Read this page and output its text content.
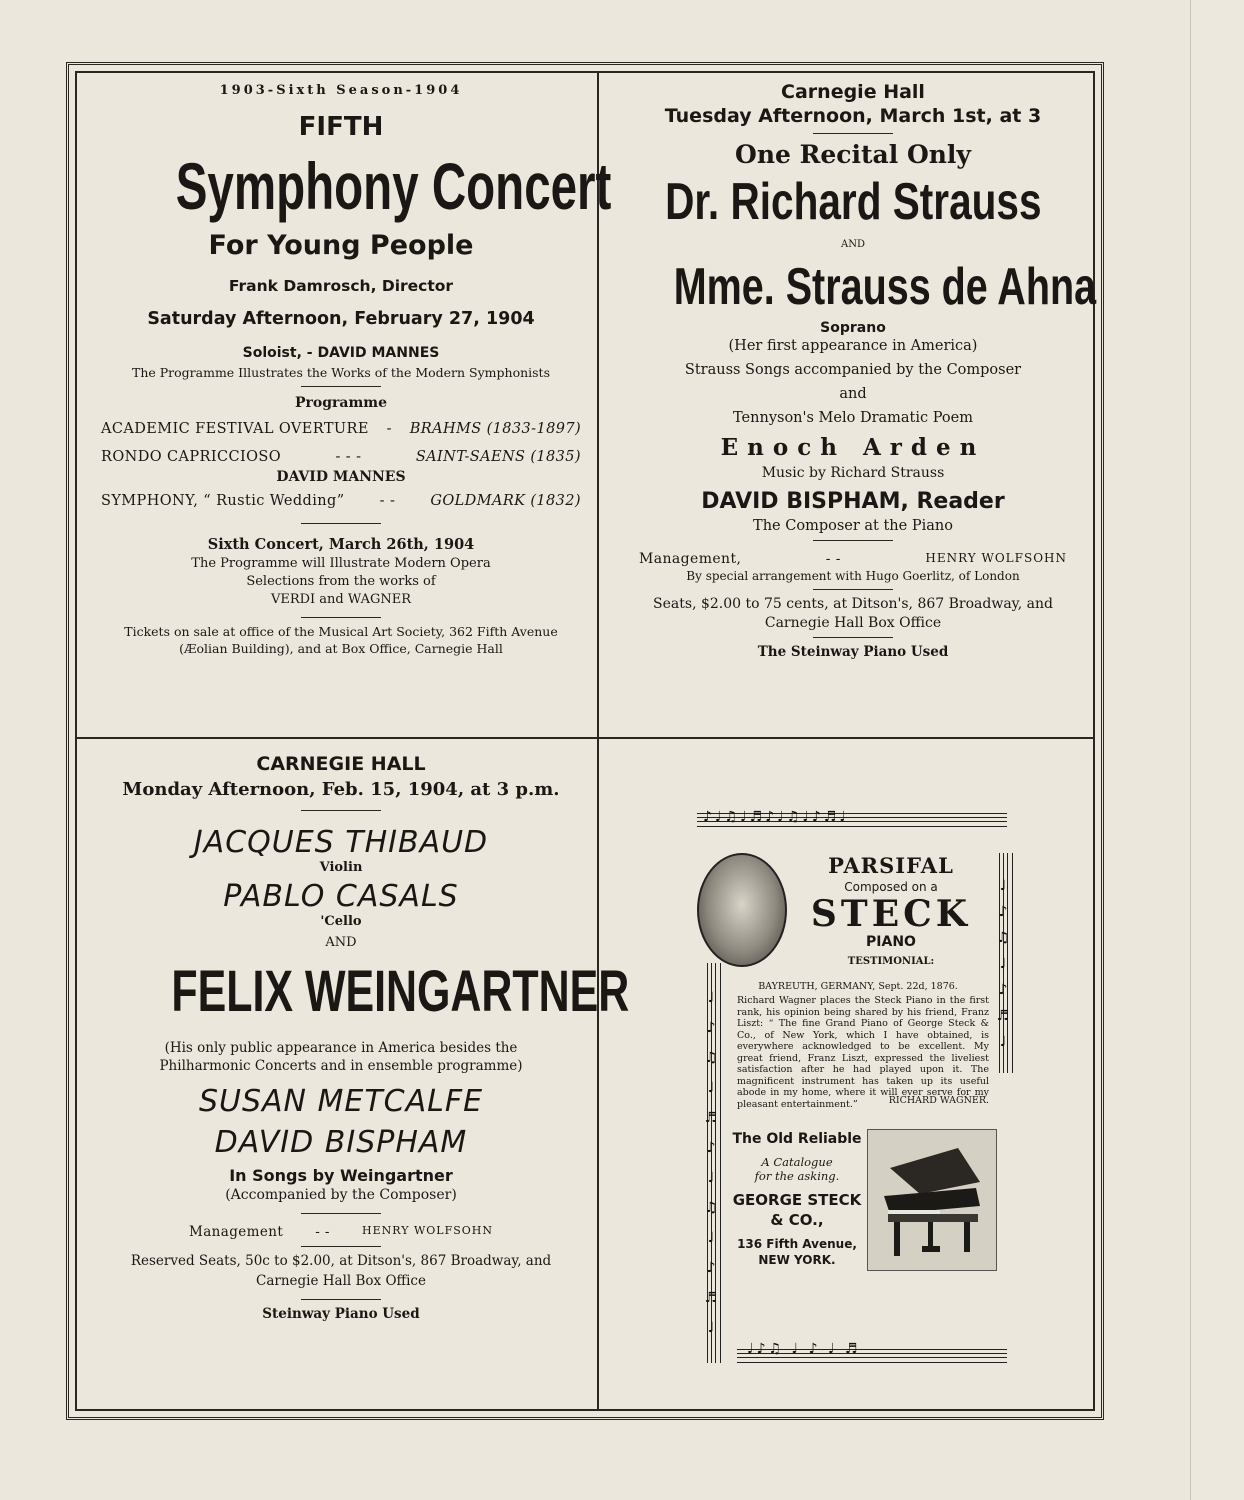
1903-Sixth Season-1904
FIFTH
Symphony Concert
For Young People
Frank Damrosch, Director
Saturday Afternoon, February 27, 1904
Soloist, - DAVID MANNES
The Programme Illustrates the Works of the Modern Symphonists
Programme
ACADEMIC FESTIVAL OVERTURE	-	BRAHMS (1833-1897)
RONDO CAPRICCIOSO	- - -	SAINT-SAENS (1835)
DAVID MANNES
SYMPHONY, “ Rustic Wedding”	- -	GOLDMARK (1832)
Sixth Concert, March 26th, 1904
The Programme will Illustrate Modern Opera
Selections from the works of
VERDI and WAGNER
Tickets on sale at office of the Musical Art Society, 362 Fifth Avenue
(Æolian Building), and at Box Office, Carnegie Hall
Carnegie Hall
Tuesday Afternoon, March 1st, at 3
One Recital Only
Dr. Richard Strauss
AND
Mme. Strauss de Ahna
Soprano
(Her first appearance in America)
Strauss Songs accompanied by the Composer
and
Tennyson's Melo Dramatic Poem
Enoch Arden
Music by Richard Strauss
DAVID BISPHAM, Reader
The Composer at the Piano
Management,	- -	HENRY WOLFSOHN
By special arrangement with Hugo Goerlitz, of London
Seats, $2.00 to 75 cents, at Ditson's, 867 Broadway, and
Carnegie Hall Box Office
The Steinway Piano Used
CARNEGIE HALL
Monday Afternoon, Feb. 15, 1904, at 3 p.m.
JACQUES THIBAUD
Violin
PABLO CASALS
'Cello
AND
FELIX WEINGARTNER
(His only public appearance in America besides the
Philharmonic Concerts and in ensemble programme)
SUSAN METCALFE
DAVID BISPHAM
In Songs by Weingartner
(Accompanied by the Composer)
Management	- -	HENRY WOLFSOHN
Reserved Seats, 50c to $2.00, at Ditson's, 867 Broadway, and
Carnegie Hall Box Office
Steinway Piano Used
♪♩♫♩♬♪♩♫♩♪♬♩
♩
♪
♫
♩
♪
♬
♩
♩
♪
♫
♩
♬
♪
♩
♫
♩
♪
♬
♩
♩♪♫ ♩ ♪ ♩ ♬
PARSIFAL
Composed on a
STECK
PIANO
TESTIMONIAL:
BAYREUTH, GERMANY, Sept. 22d, 1876.
Richard Wagner places the Steck Piano in the first rank, his opinion being shared by his friend, Franz Liszt: “ The fine Grand Piano of George Steck & Co., of New York, which I have obtained, is everywhere acknowledged to be excellent. My great friend, Franz Liszt, expressed the liveliest satisfaction after he had played upon it. The magnificent instrument has taken up its useful abode in my home, where it will ever serve for my pleasant entertainment.”	RICHARD WAGNER.
The Old Reliable
A Catalogue
for the asking.
GEORGE STECK
& CO.,
136 Fifth Avenue,
NEW YORK.
